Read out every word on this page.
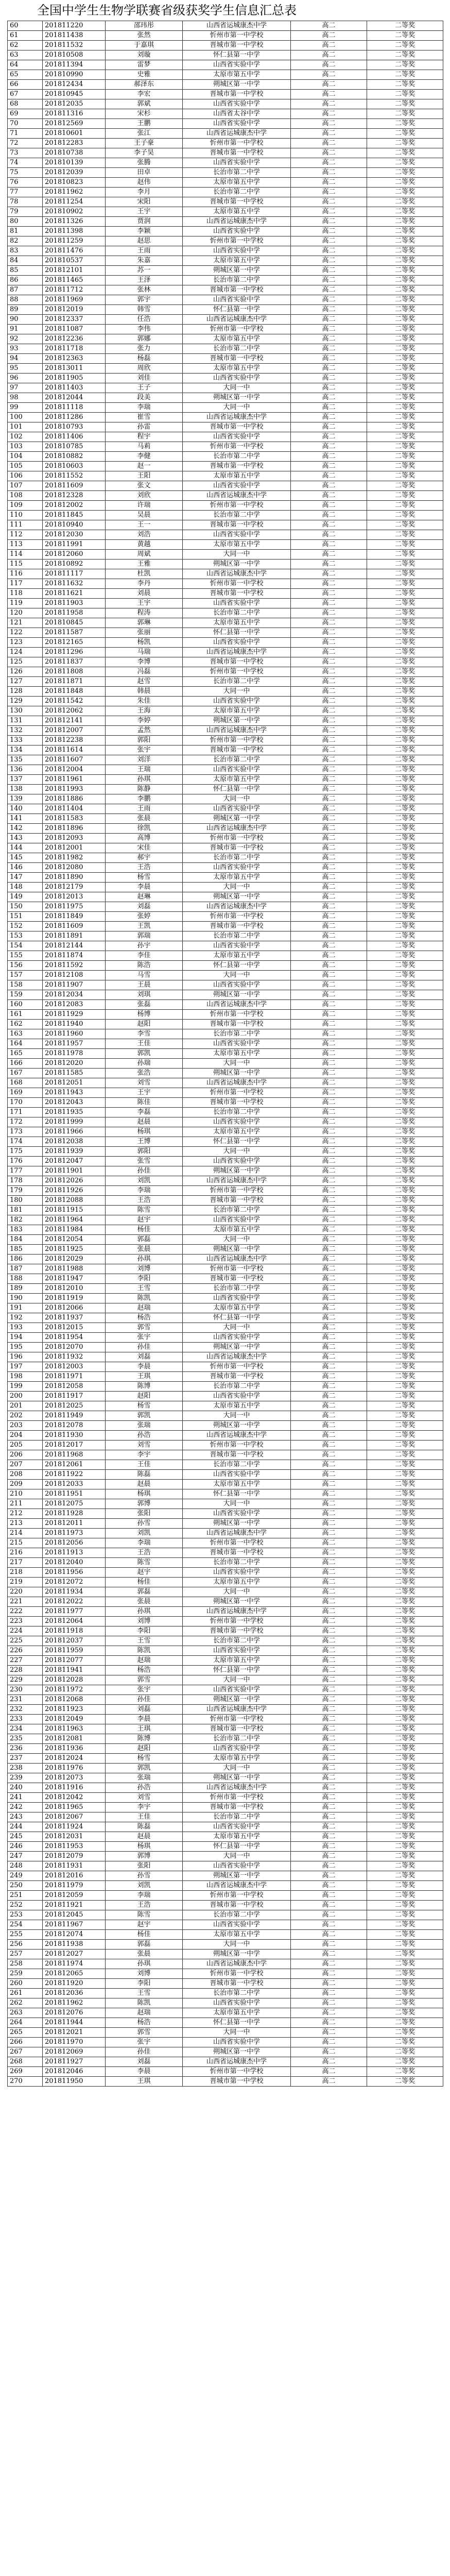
全国中学生生物学联赛省级获奖学生信息汇总表
60	201811220	邵玮彤	山西省运城康杰中学	高二	二等奖
61	201811438	张然	忻州市第一中学校	高二	二等奖
62	201811532	于嘉琪	晋城市第一中学校	高二	二等奖
63	201810508	刘璇	怀仁县第一中学	高二	二等奖
64	201811394	雷梦	山西省实验中学	高二	二等奖
65	201810990	史雅	太原市第五中学	高二	二等奖
66	201812434	郝泽东	朔城区第一中学	高二	二等奖
67	201810945	李宏	晋城市第一中学校	高二	二等奖
68	201812035	郭斌	山西省实验中学	高二	二等奖
69	201811316	宋杉	山西省太谷中学	高二	二等奖
70	201812569	王鹏	山西省实验中学	高二	二等奖
71	201810601	张江	山西省运城康杰中学	高二	二等奖
72	201812283	王子豪	忻州市第一中学校	高二	二等奖
73	201810738	李子昊	晋城市第一中学校	高二	二等奖
74	201810139	张腾	山西省实验中学	高二	二等奖
75	201812039	田卓	长治市第二中学	高二	二等奖
76	201810823	赵伟	太原市第五中学	高二	二等奖
77	201811962	李月	长治市第二中学	高二	二等奖
78	201811254	宋阳	晋城市第一中学校	高二	二等奖
79	201810902	王宇	太原市第五中学	高二	二等奖
80	201811326	贾润	山西省运城康杰中学	高二	二等奖
81	201811398	李颖	山西省实验中学	高二	二等奖
82	201811259	赵思	忻州市第一中学校	高二	二等奖
83	201811476	王雨	山西省实验中学	高二	二等奖
84	201810537	朱嘉	太原市第五中学	高二	二等奖
85	201812101	苏一	朔城区第一中学	高二	二等奖
86	201811465	王泽	长治市第二中学	高二	二等奖
87	201811712	张林	晋城市第一中学校	高二	二等奖
88	201811969	郭宇	山西省实验中学	高二	二等奖
89	201812019	韩雪	怀仁县第一中学	高二	二等奖
90	201812337	任浩	山西省运城康杰中学	高二	二等奖
91	201811087	李伟	忻州市第一中学校	高二	二等奖
92	201812236	郭娜	太原市第五中学	高二	二等奖
93	201811718	张力	长治市第二中学	高二	二等奖
94	201812363	杨磊	晋城市第一中学校	高二	二等奖
95	201813011	周欣	太原市第五中学	高二	二等奖
96	201811905	刘佳	山西省实验中学	高二	二等奖
97	201811403	王子	大同一中	高二	二等奖
98	201812044	段美	朔城区第一中学	高二	二等奖
99	201811118	李瑞	大同一中	高二	二等奖
100	201811286	崔雪	山西省运城康杰中学	高二	二等奖
101	201810793	孙雷	晋城市第一中学校	高二	二等奖
102	201811406	程宇	山西省实验中学	高二	二等奖
103	201810785	马莉	忻州市第一中学校	高二	二等奖
104	201810882	李健	长治市第二中学	高二	二等奖
105	201810603	赵一	晋城市第一中学校	高二	二等奖
106	201811552	王阳	太原市第五中学	高二	二等奖
107	201811609	张文	山西省实验中学	高二	二等奖
108	201812328	刘欣	山西省运城康杰中学	高二	二等奖
109	201812002	许瑞	忻州市第一中学校	高二	二等奖
110	201811845	吴晨	长治市第二中学	高二	二等奖
111	201810940	王一	晋城市第一中学校	高二	二等奖
112	201812030	刘浩	山西省实验中学	高二	二等奖
113	201811991	黄越	太原市第五中学	高二	二等奖
114	201812060	周斌	大同一中	高二	二等奖
115	201810892	王雅	朔城区第一中学	高二	二等奖
116	201811117	杜凯	山西省运城康杰中学	高二	二等奖
117	201811632	李丹	忻州市第一中学校	高二	二等奖
118	201811621	刘晨	晋城市第一中学校	高二	二等奖
119	201811903	王宇	山西省实验中学	高二	二等奖
120	201811958	程涛	长治市第二中学	高二	二等奖
121	201810845	郭琳	太原市第五中学	高二	二等奖
122	201811587	张丽	怀仁县第一中学	高二	二等奖
123	201812165	杨凯	山西省实验中学	高二	二等奖
124	201811296	马瑞	山西省运城康杰中学	高二	二等奖
125	201811837	李博	晋城市第一中学校	高二	二等奖
126	201811808	冯磊	忻州市第一中学校	高二	二等奖
127	201811871	赵雪	长治市第二中学	高二	二等奖
128	201811848	韩晨	大同一中	高二	二等奖
129	201811542	朱佳	山西省实验中学	高二	二等奖
130	201812062	王海	太原市第五中学	高二	二等奖
131	201812141	李婷	朔城区第一中学	高二	二等奖
132	201812007	孟然	山西省运城康杰中学	高二	二等奖
133	201812238	郭阳	忻州市第一中学校	高二	二等奖
134	201811614	张宇	晋城市第一中学校	高二	二等奖
135	201811607	刘洋	长治市第二中学	高二	二等奖
136	201812004	王瑞	山西省实验中学	高二	二等奖
137	201811961	孙琪	太原市第五中学	高二	二等奖
138	201811993	陈静	怀仁县第一中学	高二	二等奖
139	201811886	李鹏	大同一中	高二	二等奖
140	201811404	王雨	山西省实验中学	高二	二等奖
141	201811583	张晨	朔城区第一中学	高二	二等奖
142	201811896	徐凯	山西省运城康杰中学	高二	二等奖
143	201812093	高博	忻州市第一中学校	高二	二等奖
144	201812001	宋佳	晋城市第一中学校	高二	二等奖
145	201811982	郝宇	长治市第二中学	高二	二等奖
146	201812080	王浩	山西省实验中学	高二	二等奖
147	201811890	杨雪	太原市第五中学	高二	二等奖
148	201812179	李晨	大同一中	高二	二等奖
149	201812013	赵琳	朔城区第一中学	高二	二等奖
150	201811975	刘磊	山西省运城康杰中学	高二	二等奖
151	201811849	张婷	忻州市第一中学校	高二	二等奖
152	201811609	王凯	晋城市第一中学校	高二	二等奖
153	201811891	郭瑞	长治市第二中学	高二	二等奖
154	201812144	孙宇	山西省实验中学	高二	二等奖
155	201811874	李佳	太原市第五中学	高二	二等奖
156	201811592	陈浩	怀仁县第一中学	高二	二等奖
157	201812108	马雪	大同一中	高二	二等奖
158	201811907	王晨	山西省实验中学	高二	二等奖
159	201812034	刘琪	朔城区第一中学	高二	二等奖
160	201812083	张磊	山西省运城康杰中学	高二	二等奖
161	201811929	杨博	忻州市第一中学校	高二	二等奖
162	201811940	赵阳	晋城市第一中学校	高二	二等奖
163	201811960	李雪	长治市第二中学	高二	二等奖
164	201811957	王佳	山西省实验中学	高二	二等奖
165	201811978	郭凯	太原市第五中学	高二	二等奖
166	201812020	孙瑞	大同一中	高二	二等奖
167	201811585	张浩	朔城区第一中学	高二	二等奖
168	201812051	刘雪	山西省运城康杰中学	高二	二等奖
169	201811943	王宇	忻州市第一中学校	高二	二等奖
170	201812043	陈佳	晋城市第一中学校	高二	二等奖
171	201811935	李磊	长治市第二中学	高二	二等奖
172	201811999	赵晨	山西省实验中学	高二	二等奖
173	201811966	杨琪	太原市第五中学	高二	二等奖
174	201812038	王博	怀仁县第一中学	高二	二等奖
175	201811939	郭阳	大同一中	高二	二等奖
176	201812047	张雪	山西省实验中学	高二	二等奖
177	201811901	孙佳	朔城区第一中学	高二	二等奖
178	201812026	刘凯	山西省运城康杰中学	高二	二等奖
179	201811926	李瑞	忻州市第一中学校	高二	二等奖
180	201812088	王浩	晋城市第一中学校	高二	二等奖
181	201811915	陈雪	长治市第二中学	高二	二等奖
182	201811964	赵宇	山西省实验中学	高二	二等奖
183	201811984	杨佳	太原市第五中学	高二	二等奖
184	201812054	郭磊	大同一中	高二	二等奖
185	201811925	张晨	朔城区第一中学	高二	二等奖
186	201812029	孙琪	山西省运城康杰中学	高二	二等奖
187	201811988	刘博	忻州市第一中学校	高二	二等奖
188	201811947	李阳	晋城市第一中学校	高二	二等奖
189	201812010	王雪	长治市第二中学	高二	二等奖
190	201811919	陈凯	山西省实验中学	高二	二等奖
191	201812066	赵瑞	太原市第五中学	高二	二等奖
192	201811937	杨浩	怀仁县第一中学	高二	二等奖
193	201812015	郭雪	大同一中	高二	二等奖
194	201811954	张宇	山西省实验中学	高二	二等奖
195	201812070	孙佳	朔城区第一中学	高二	二等奖
196	201811932	刘磊	山西省运城康杰中学	高二	二等奖
197	201812003	李晨	忻州市第一中学校	高二	二等奖
198	201811971	王琪	晋城市第一中学校	高二	二等奖
199	201812058	陈博	长治市第二中学	高二	二等奖
200	201811917	赵阳	山西省实验中学	高二	二等奖
201	201812025	杨雪	太原市第五中学	高二	二等奖
202	201811949	郭凯	大同一中	高二	二等奖
203	201812078	张瑞	朔城区第一中学	高二	二等奖
204	201811930	孙浩	山西省运城康杰中学	高二	二等奖
205	201812017	刘雪	忻州市第一中学校	高二	二等奖
206	201811968	李宇	晋城市第一中学校	高二	二等奖
207	201812061	王佳	长治市第二中学	高二	二等奖
208	201811922	陈磊	山西省实验中学	高二	二等奖
209	201812033	赵晨	太原市第五中学	高二	二等奖
210	201811951	杨琪	怀仁县第一中学	高二	二等奖
211	201812075	郭博	大同一中	高二	二等奖
212	201811928	张阳	山西省实验中学	高二	二等奖
213	201812011	孙雪	朔城区第一中学	高二	二等奖
214	201811973	刘凯	山西省运城康杰中学	高二	二等奖
215	201812056	李瑞	忻州市第一中学校	高二	二等奖
216	201811913	王浩	晋城市第一中学校	高二	二等奖
217	201812040	陈雪	长治市第二中学	高二	二等奖
218	201811956	赵宇	山西省实验中学	高二	二等奖
219	201812072	杨佳	太原市第五中学	高二	二等奖
220	201811934	郭磊	大同一中	高二	二等奖
221	201812022	张晨	朔城区第一中学	高二	二等奖
222	201811977	孙琪	山西省运城康杰中学	高二	二等奖
223	201812064	刘博	忻州市第一中学校	高二	二等奖
224	201811918	李阳	晋城市第一中学校	高二	二等奖
225	201812037	王雪	长治市第二中学	高二	二等奖
226	201811959	陈凯	山西省实验中学	高二	二等奖
227	201812077	赵瑞	太原市第五中学	高二	二等奖
228	201811941	杨浩	怀仁县第一中学	高二	二等奖
229	201812028	郭雪	大同一中	高二	二等奖
230	201811972	张宇	山西省实验中学	高二	二等奖
231	201812068	孙佳	朔城区第一中学	高二	二等奖
232	201811923	刘磊	山西省运城康杰中学	高二	二等奖
233	201812049	李晨	忻州市第一中学校	高二	二等奖
234	201811963	王琪	晋城市第一中学校	高二	二等奖
235	201812081	陈博	长治市第二中学	高二	二等奖
236	201811936	赵阳	山西省实验中学	高二	二等奖
237	201812024	杨雪	太原市第五中学	高二	二等奖
238	201811976	郭凯	大同一中	高二	二等奖
239	201812073	张瑞	朔城区第一中学	高二	二等奖
240	201811916	孙浩	山西省运城康杰中学	高二	二等奖
241	201812042	刘雪	忻州市第一中学校	高二	二等奖
242	201811965	李宇	晋城市第一中学校	高二	二等奖
243	201812067	王佳	长治市第二中学	高二	二等奖
244	201811924	陈磊	山西省实验中学	高二	二等奖
245	201812031	赵晨	太原市第五中学	高二	二等奖
246	201811953	杨琪	怀仁县第一中学	高二	二等奖
247	201812079	郭博	大同一中	高二	二等奖
248	201811931	张阳	山西省实验中学	高二	二等奖
249	201812016	孙雪	朔城区第一中学	高二	二等奖
250	201811979	刘凯	山西省运城康杰中学	高二	二等奖
251	201812059	李瑞	忻州市第一中学校	高二	二等奖
252	201811921	王浩	晋城市第一中学校	高二	二等奖
253	201812045	陈雪	长治市第二中学	高二	二等奖
254	201811967	赵宇	山西省实验中学	高二	二等奖
255	201812074	杨佳	太原市第五中学	高二	二等奖
256	201811938	郭磊	大同一中	高二	二等奖
257	201812027	张晨	朔城区第一中学	高二	二等奖
258	201811974	孙琪	山西省运城康杰中学	高二	二等奖
259	201812065	刘博	忻州市第一中学校	高二	二等奖
260	201811920	李阳	晋城市第一中学校	高二	二等奖
261	201812036	王雪	长治市第二中学	高二	二等奖
262	201811962	陈凯	山西省实验中学	高二	二等奖
263	201812076	赵瑞	太原市第五中学	高二	二等奖
264	201811944	杨浩	怀仁县第一中学	高二	二等奖
265	201812021	郭雪	大同一中	高二	二等奖
266	201811970	张宇	山西省实验中学	高二	二等奖
267	201812069	孙佳	朔城区第一中学	高二	二等奖
268	201811927	刘磊	山西省运城康杰中学	高二	二等奖
269	201812046	李晨	忻州市第一中学校	高二	二等奖
270	201811950	王琪	晋城市第一中学校	高二	二等奖
